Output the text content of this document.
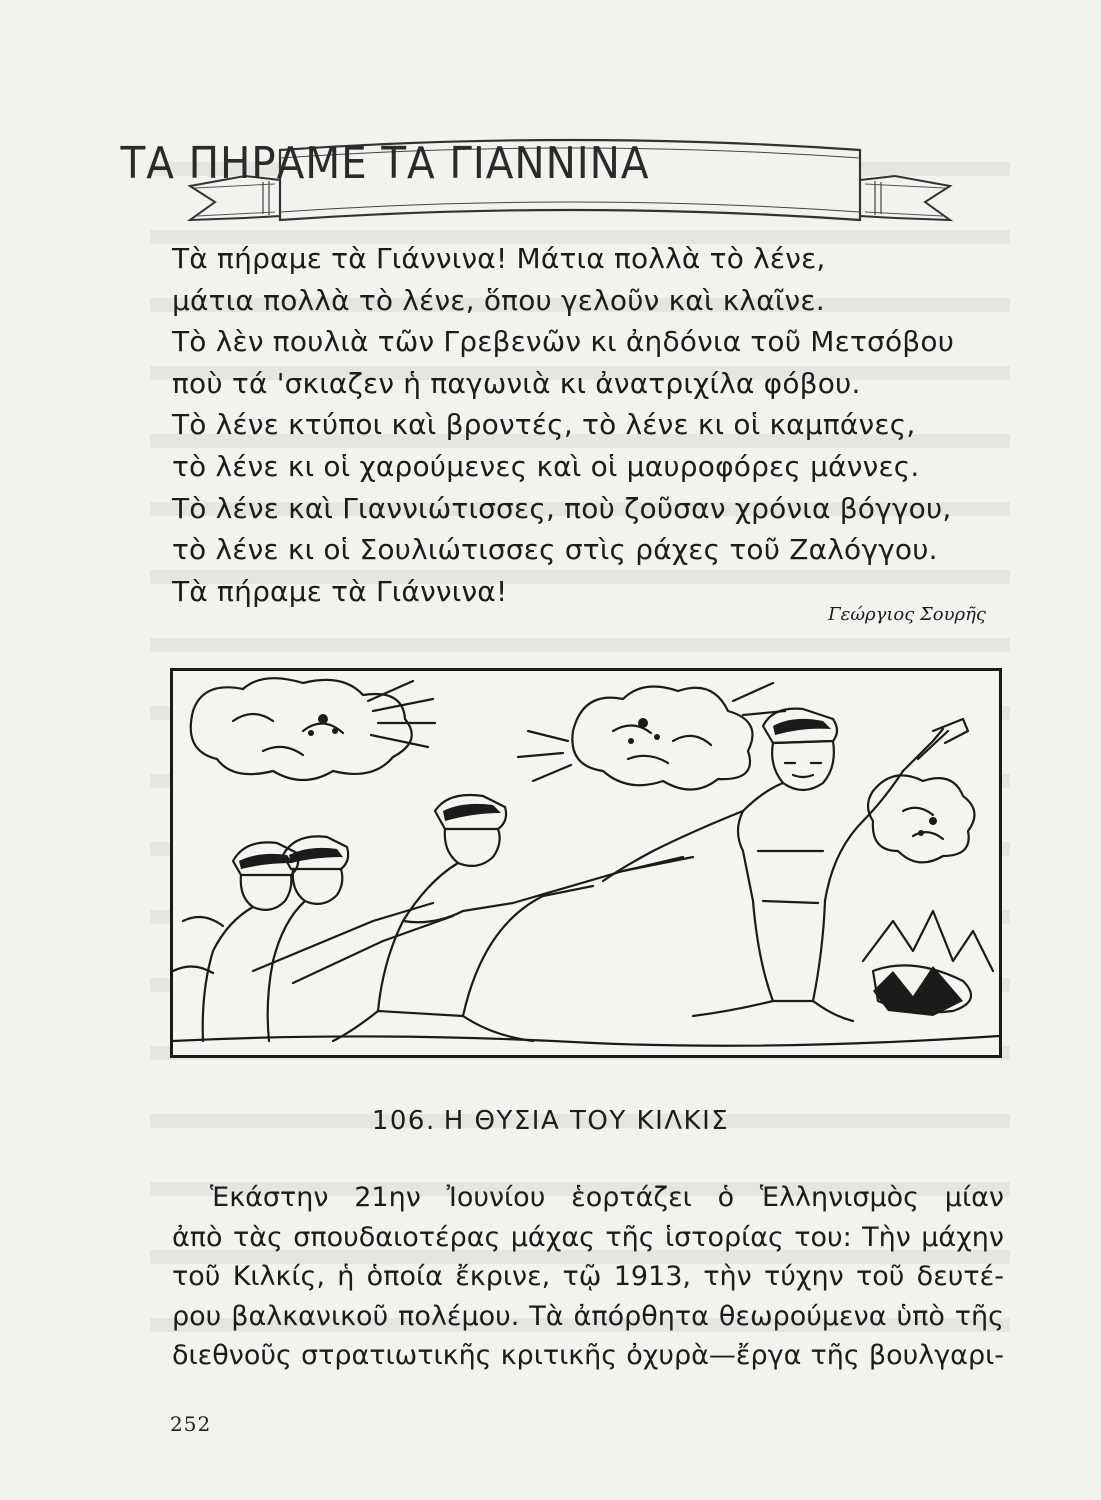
ΤΑ ΠΗΡΑΜΕ ΤΑ ΓΙΑΝΝΙΝΑ
Τὰ πήραμε τὰ Γιάννινα! Μάτια πολλὰ τὸ λένε,
μάτια πολλὰ τὸ λένε, ὅπου γελοῦν καὶ κλαῖνε.
Τὸ λὲν πουλιὰ τῶν Γρεβενῶν κι ἀηδόνια τοῦ Μετσόβου
ποὺ τά 'σκιαζεν ἡ παγωνιὰ κι ἀνατριχίλα φόβου.
Τὸ λένε κτύποι καὶ βροντές, τὸ λένε κι οἱ καμπάνες,
τὸ λένε κι οἱ χαρούμενες καὶ οἱ μαυροφόρες μάννες.
Τὸ λένε καὶ Γιαννιώτισσες, ποὺ ζοῦσαν χρόνια βόγγου,
τὸ λένε κι οἱ Σουλιώτισσες στὶς ράχες τοῦ Ζαλόγγου.
Τὰ πήραμε τὰ Γιάννινα!
Γεώργιος Σουρῆς
106. Η ΘΥΣΙΑ ΤΟΥ ΚΙΛΚΙΣ
Ἑκάστην 21ην Ἰουνίου ἑορτάζει ὁ Ἑλληνισμὸς μίαν
ἀπὸ τὰς σπουδαιοτέρας μάχας τῆς ἱστορίας του: Τὴν μάχην
τοῦ Κιλκίς, ἡ ὁποία ἔκρινε, τῷ 1913, τὴν τύχην τοῦ δευτέ-
ρου βαλκανικοῦ πολέμου. Τὰ ἀπόρθητα θεωρούμενα ὑπὸ τῆς
διεθνοῦς στρατιωτικῆς κριτικῆς ὀχυρὰ—ἔργα τῆς βουλγαρι-
252
